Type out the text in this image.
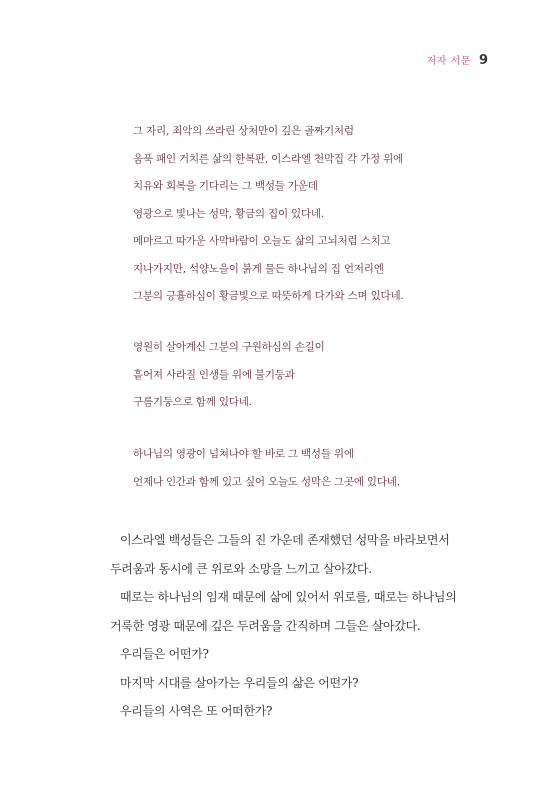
저자 서문 9
그 자리, 죄악의 쓰라린 상처만이 깊은 골짜기처럼
움푹 패인 거치른 삶의 한복판, 이스라엘 천막집 각 가정 위에
치유와 회복을 기다리는 그 백성들 가운데
영광으로 빛나는 성막, 황금의 집이 있다네.
메마르고 따가운 사막바람이 오늘도 삶의 고뇌처럼 스치고
지나가지만, 석양노을이 붉게 물든 하나님의 집 언저리엔
그분의 긍휼하심이 황금빛으로 따뜻하게 다가와 스며 있다네.
영원히 살아계신 그분의 구원하심의 손길이
흩어져 사라질 인생들 위에 불기둥과
구름기둥으로 함께 있다네.
하나님의 영광이 넘쳐나야 할 바로 그 백성들 위에
언제나 인간과 함께 있고 싶어 오늘도 성막은 그곳에 있다네.
이스라엘 백성들은 그들의 진 가운데 존재했던 성막을 바라보면서
두려움과 동시에 큰 위로와 소망을 느끼고 살아갔다.
때로는 하나님의 임재 때문에 삶에 있어서 위로를, 때로는 하나님의
거룩한 영광 때문에 깊은 두려움을 간직하며 그들은 살아갔다.
우리들은 어떤가?
마지막 시대를 살아가는 우리들의 삶은 어떤가?
우리들의 사역은 또 어떠한가?
